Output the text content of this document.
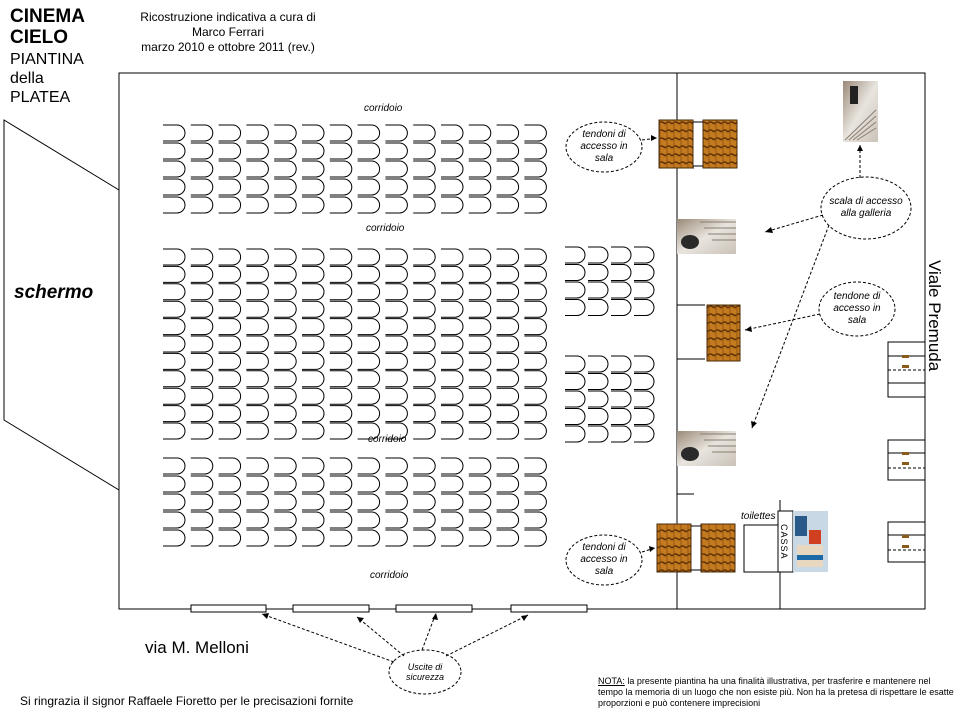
CINEMA
CIELO
PIANTINA
della
PLATEA
Ricostruzione indicativa a cura di
Marco Ferrari
marzo 2010 e ottobre 2011 (rev.)
corridoio
corridoio
corridoio
corridoio
schermo	Viale Premuda
via M. Melloni
toilettes
CASSA
tendoni di accesso in sala
tendoni di accesso in sala
scala di accesso alla galleria
tendone di accesso in sala
Uscite di sicurezza
Si ringrazia il signor Raffaele Fioretto per le precisazioni fornite
NOTA: la presente piantina ha una finalità illustrativa, per trasferire e mantenere nel tempo la memoria di un luogo che non esiste più. Non ha la pretesa di rispettare le esatte proporzioni e può contenere imprecisioni
